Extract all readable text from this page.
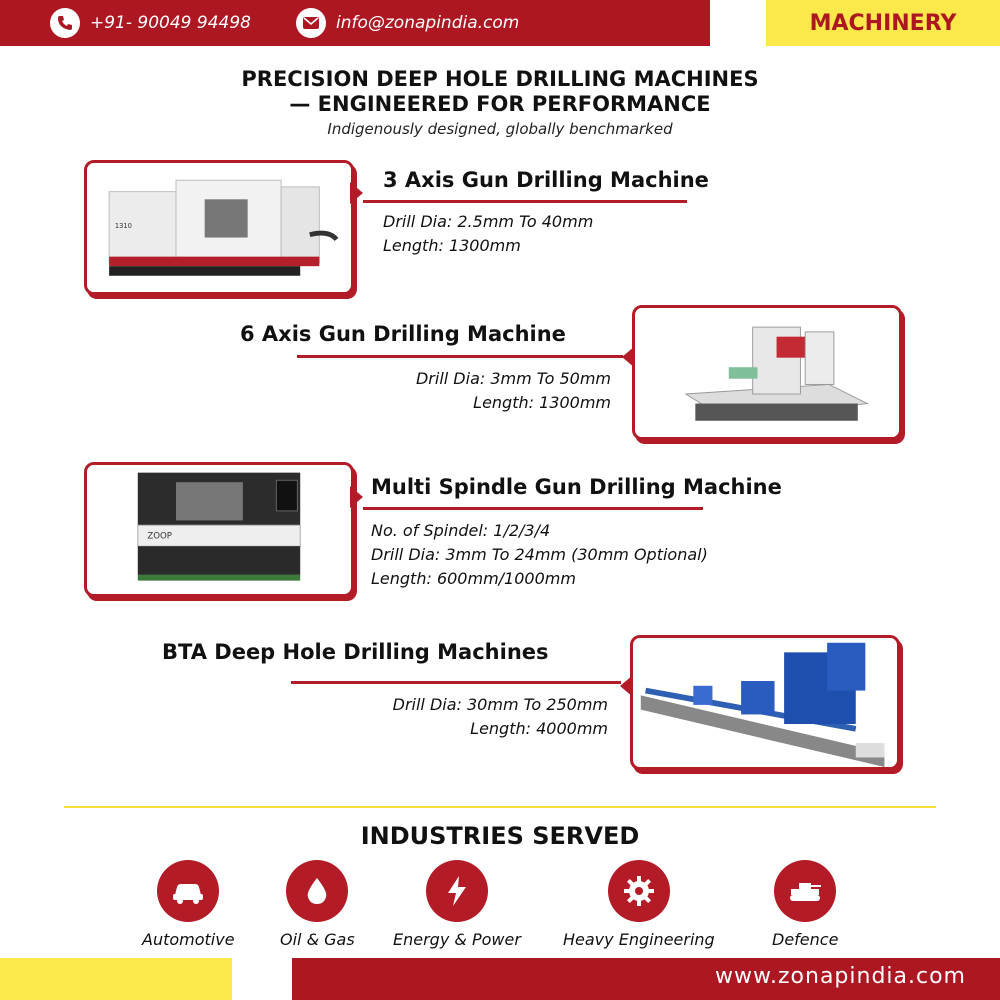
+91- 90049 94498	info@zonapindia.com	MACHINERY
PRECISION DEEP HOLE DRILLING MACHINES
— ENGINEERED FOR PERFORMANCE
Indigenously designed, globally benchmarked
1310
3 Axis Gun Drilling Machine
Drill Dia: 2.5mm To 40mm
Length: 1300mm
6 Axis Gun Drilling Machine
Drill Dia: 3mm To 50mm
Length: 1300mm
ZOOP
Multi Spindle Gun Drilling Machine
No. of Spindel: 1/2/3/4
Drill Dia: 3mm To 24mm (30mm Optional)
Length: 600mm/1000mm
BTA Deep Hole Drilling Machines
Drill Dia: 30mm To 250mm
Length: 4000mm
INDUSTRIES SERVED
Automotive	Oil & Gas Energy & Power	Heavy Engineering	Defence
www.zonapindia.com
